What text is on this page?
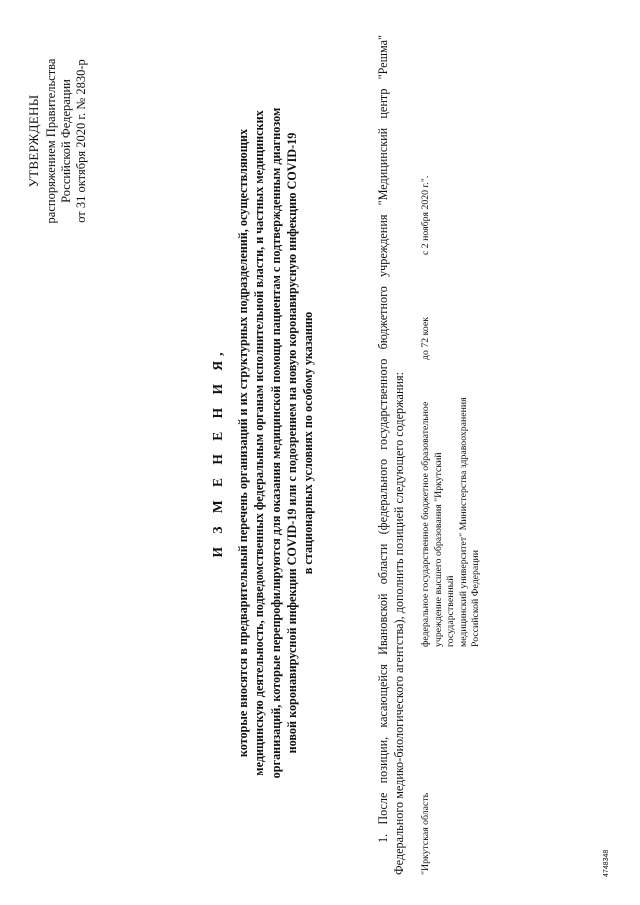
УТВЕРЖДЕНЫ распоряжением Правительства Российской Федерации от 31 октября 2020 г. № 2830-р
И З М Е Н Е Н И Я, которые вносятся в предварительный перечень организаций и их структурных подразделений, осуществляющих медицинскую деятельность, подведомственных федеральным органам исполнительной власти, и частных медицинских организаций, которые перепрофилируются для оказания медицинской помощи пациентам с подтвержденным диагнозом новой коронавирусной инфекции COVID-19 или с подозрением на новую коронавирусную инфекцию COVID-19 в стационарных условиях по особому указанию	1. После позиции, касающейся Ивановской области (федерального государственного бюджетного учреждения "Медицинский центр "Решма" Федерального медико-биологического агентства), дополнить позицией следующего содержания: "Иркутская область
федеральное государственное бюджетное образовательное учреждение высшего образования "Иркутский государственный медицинский университет" Министерства здравоохранения Российской Федерации
до 72 коек
с 2 ноября 2020 г.".
4748348
